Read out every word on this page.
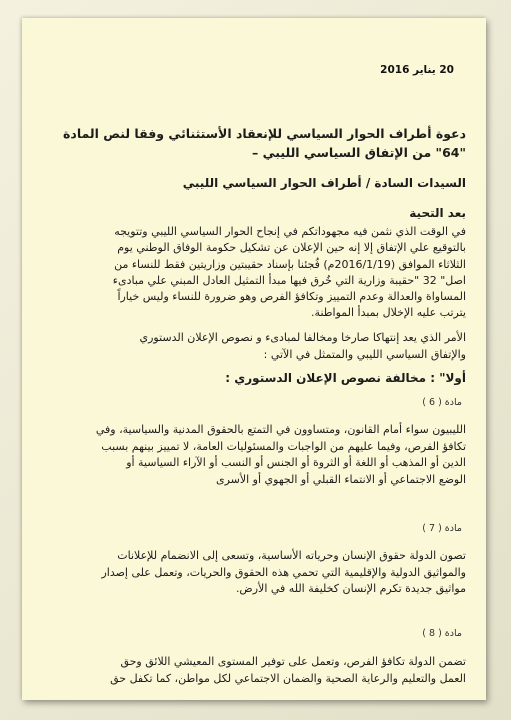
20 يناير 2016
دعوة أطراف الحوار السياسي للإنعقاد الأستثنائي وفقا لنص المادة "64" من الإتفاق السياسي الليبي –
السيدات السادة / أطراف الحوار السياسي الليبي
بعد التحية
في الوقت الذي نثمن فيه مجهوداتكم في إنجاح الحوار السياسي الليبي وتتويجه
بالتوقيع علي الإتفاق إلا إنه حين الإعلان عن تشكيل حكومة الوفاق الوطني يوم
الثلاثاء الموافق (2016/1/19م) فُجئنا بإسناد حقيبتين وزاريتين فقط للنساء من
اصل" 32 "حقيبة وزارية التي خُرق فيها مبدأ التمثيل العادل المبني علي مبادىء
المساواة والعدالة وعدم التمييز وتكافؤ الفرص وهو ضرورة للنساء وليس خياراً
يترتب عليه الإخلال بمبدأ المواطنة.
الأمر الذي يعد إنتهاكا صارخا ومخالفا لمبادىء و نصوص الإعلان الدستوري
والإتفاق السياسي الليبي والمتمثل في الآتي :
أولا" : مخالفة نصوص الإعلان الدستوري :
مادة ( 6 )
الليبيون سواء أمام القانون، ومتساوون في التمتع بالحقوق المدنية والسياسية، وفي
تكافؤ الفرص، وفيما عليهم من الواجبات والمسئوليات العامة، لا تمييز بينهم بسبب
الدين أو المذهب أو اللغة أو الثروة أو الجنس أو النسب أو الآراء السياسية أو
الوضع الاجتماعي أو الانتماء القبلي أو الجهوي أو الأسرى
مادة ( 7 )
تصون الدولة حقوق الإنسان وحرياته الأساسية، وتسعى إلى الانضمام للإعلانات
والمواثيق الدولية والإقليمية التي تحمي هذه الحقوق والحريات، وتعمل على إصدار
مواثيق جديدة تكرم الإنسان كخليفة الله في الأرض.
مادة ( 8 )
تضمن الدولة تكافؤ الفرص، وتعمل على توفير المستوى المعيشي اللائق وحق
العمل والتعليم والرعاية الصحية والضمان الاجتماعي لكل مواطن، كما تكفل حق
